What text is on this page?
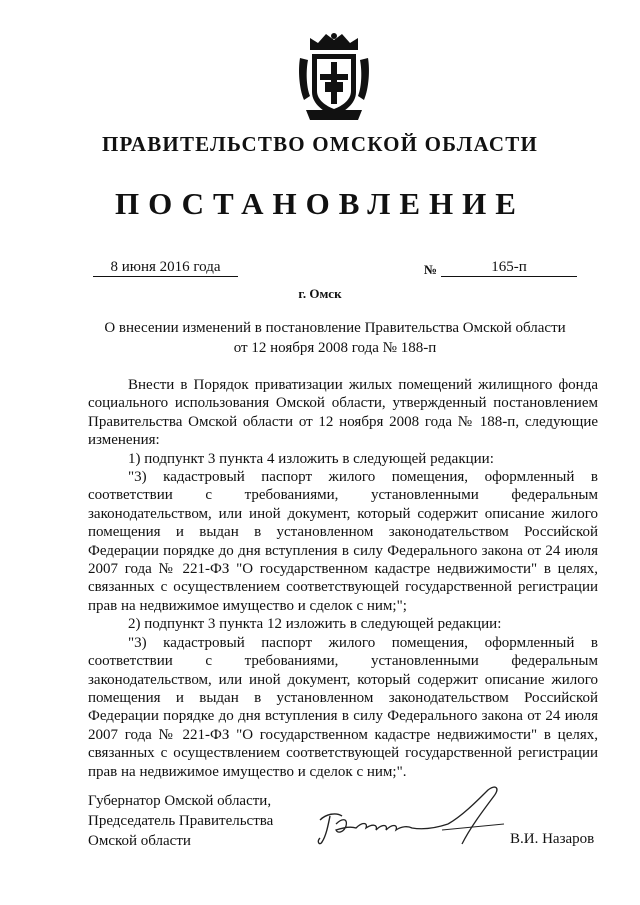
ПРАВИТЕЛЬСТВО ОМСКОЙ ОБЛАСТИ
ПОСТАНОВЛЕНИЕ
8 июня 2016 года	№	165-п
г. Омск
О внесении изменений в постановление Правительства Омской области
от 12 ноября 2008 года № 188-п

Внести в Порядок приватизации жилых помещений жилищного фонда социального использования Омской области, утвержденный постановлением Правительства Омской области от 12 ноября 2008 года № 188-п, следующие изменения:

1) подпункт 3 пункта 4 изложить в следующей редакции:

"3) кадастровый паспорт жилого помещения, оформленный в соответствии с требованиями, установленными федеральным законодательством, или иной документ, который содержит описание жилого помещения и выдан в установленном законодательством Российской Федерации порядке до дня вступления в силу Федерального закона от 24 июля 2007 года № 221-ФЗ "О государственном кадастре недвижимости" в целях, связанных с осуществлением соответствующей государственной регистрации прав на недвижимое имущество и сделок с ним;";

2) подпункт 3 пункта 12 изложить в следующей редакции:

"3) кадастровый паспорт жилого помещения, оформленный в соответствии с требованиями, установленными федеральным законодательством, или иной документ, который содержит описание жилого помещения и выдан в установленном законодательством Российской Федерации порядке до дня вступления в силу Федерального закона от 24 июля 2007 года № 221-ФЗ "О государственном кадастре недвижимости" в целях, связанных с осуществлением соответствующей государственной регистрации прав на недвижимое имущество и сделок с ним;".

Губернатор Омской области,
Председатель Правительства
Омской области	В.И. Назаров
